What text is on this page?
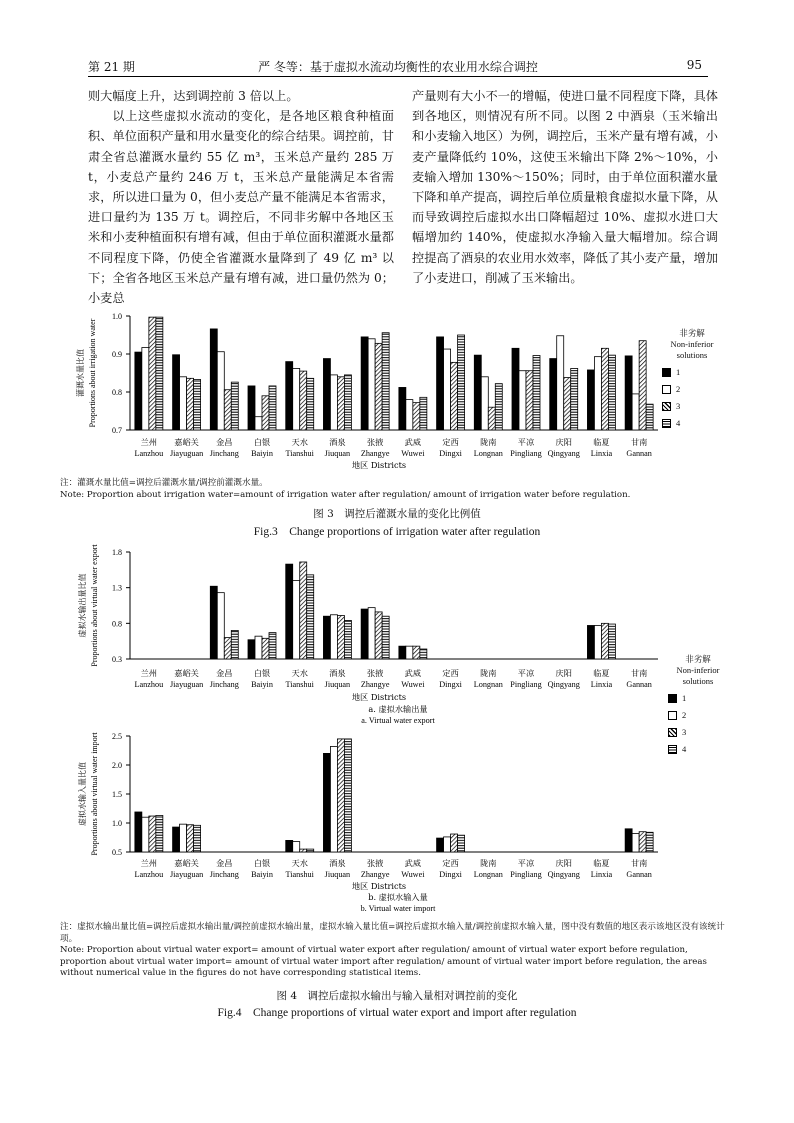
第 21 期	严 冬等：基于虚拟水流动均衡性的农业用水综合调控	95

则大幅度上升，达到调控前 3 倍以上。

以上这些虚拟水流动的变化，是各地区粮食种植面积、单位面积产量和用水量变化的综合结果。调控前，甘肃全省总灌溉水量约 55 亿 m³，玉米总产量约 285 万 t，小麦总产量约 246 万 t，玉米总产量能满足本省需求，所以进口量为 0，但小麦总产量不能满足本省需求，进口量约为 135 万 t。调控后，不同非劣解中各地区玉米和小麦种植面积有增有减，但由于单位面积灌溉水量都不同程度下降，仍使全省灌溉水量降到了 49 亿 m³ 以下；全省各地区玉米总产量有增有减，进口量仍然为 0；小麦总

产量则有大小不一的增幅，使进口量不同程度下降，具体到各地区，则情况有所不同。以图 2 中酒泉（玉米输出和小麦输入地区）为例，调控后，玉米产量有增有减，小麦产量降低约 10%，这使玉米输出下降 2%～10%，小麦输入增加 130%～150%；同时，由于单位面积灌水量下降和单产提高，调控后单位质量粮食虚拟水量下降，从而导致调控后虚拟水出口降幅超过 10%、虚拟水进口大幅增加约 140%，使虚拟水净输入量大幅增加。综合调控提高了酒泉的农业用水效率，降低了其小麦产量，增加了小麦进口，削减了玉米输出。

0.7
0.8
0.9
1.0
灌溉水量比值 Proportions about irrigation water
兰州
Lanzhou
嘉峪关
Jiayuguan
金昌
Jinchang
白银
Baiyin
天水
Tianshui
酒泉
Jiuquan
张掖
Zhangye
武威
Wuwei
定西
Dingxi
陇南
Longnan
平凉
Pingliang
庆阳
Qingyang
临夏
Linxia
甘南
Gannan
地区 Districts
非劣解
Non-inferior solutions
1
2
3
4
注：灌溉水量比值=调控后灌溉水量/调控前灌溉水量。
Note: Proportion about irrigation water=amount of irrigation water after regulation/ amount of irrigation water before regulation.
图 3　调控后灌溉水量的变化比例值
Fig.3　Change proportions of irrigation water after regulation
0.3
0.8
1.3
1.8
虚拟水输出量比值 Proportions about virtual water export
兰州
Lanzhou
嘉峪关
Jiayuguan
金昌
Jinchang
白银
Baiyin
天水
Tianshui
酒泉
Jiuquan
张掖
Zhangye
武威
Wuwei
定西
Dingxi
陇南
Longnan
平凉
Pingliang
庆阳
Qingyang
临夏
Linxia
甘南
Gannan
地区 Districts
a. 虚拟水输出量
a. Virtual water export
0.5
1.0
1.5
2.0
2.5
虚拟水输入量比值 Proportions about virtual water import
兰州
Lanzhou
嘉峪关
Jiayuguan
金昌
Jinchang
白银
Baiyin
天水
Tianshui
酒泉
Jiuquan
张掖
Zhangye
武威
Wuwei
定西
Dingxi
陇南
Longnan
平凉
Pingliang
庆阳
Qingyang
临夏
Linxia
甘南
Gannan
地区 Districts
b. 虚拟水输入量
b. Virtual water import
非劣解
Non-inferior solutions
1
2
3
4
注：虚拟水输出量比值=调控后虚拟水输出量/调控前虚拟水输出量，虚拟水输入量比值=调控后虚拟水输入量/调控前虚拟水输入量，图中没有数值的地区表示该地区没有该统计项。
Note: Proportion about virtual water export= amount of virtual water export after regulation/ amount of virtual water export before regulation, proportion about virtual water import= amount of virtual water import after regulation/ amount of virtual water import before regulation, the areas without numerical value in the figures do not have corresponding statistical items.
图 4　调控后虚拟水输出与输入量相对调控前的变化
Fig.4　Change proportions of virtual water export and import after regulation
